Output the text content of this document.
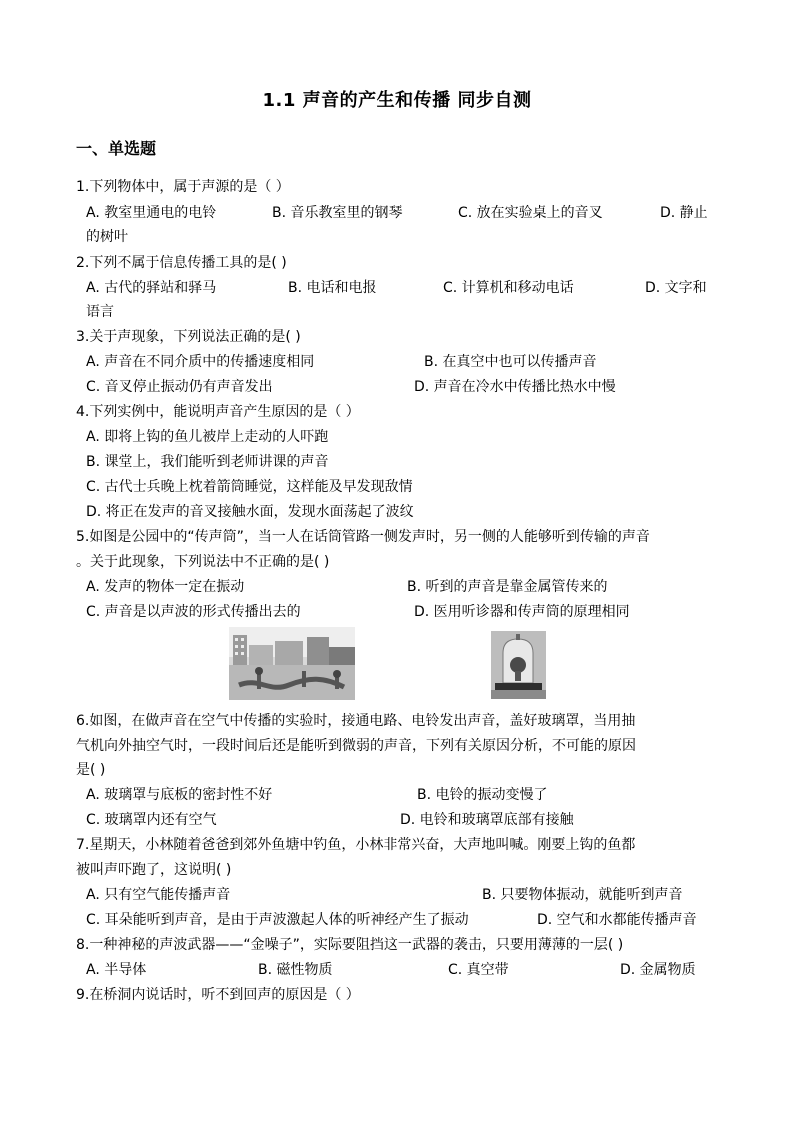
1.1 声音的产生和传播 同步自测
一、单选题
1.下列物体中，属于声源的是（ ）
A. 教室里通电的电铃	B. 音乐教室里的钢琴	C. 放在实验桌上的音叉	D. 静止
的树叶
2.下列不属于信息传播工具的是( )
A. 古代的驿站和驿马	B. 电话和电报	C. 计算机和移动电话	D. 文字和
语言
3.关于声现象，下列说法正确的是( )
A. 声音在不同介质中的传播速度相同	B. 在真空中也可以传播声音
C. 音叉停止振动仍有声音发出	D. 声音在冷水中传播比热水中慢
4.下列实例中，能说明声音产生原因的是（ ）
A. 即将上钩的鱼儿被岸上走动的人吓跑
B. 课堂上，我们能听到老师讲课的声音
C. 古代士兵晚上枕着箭筒睡觉，这样能及早发现敌情
D. 将正在发声的音叉接触水面，发现水面荡起了波纹
5.如图是公园中的“传声筒”，当一人在话筒管路一侧发声时，另一侧的人能够听到传输的声音
。关于此现象，下列说法中不正确的是( )
A. 发声的物体一定在振动	B. 听到的声音是靠金属管传来的
C. 声音是以声波的形式传播出去的	D. 医用听诊器和传声筒的原理相同
6.如图，在做声音在空气中传播的实验时，接通电路、电铃发出声音，盖好玻璃罩，当用抽
气机向外抽空气时，一段时间后还是能听到微弱的声音，下列有关原因分析，不可能的原因
是( )
A. 玻璃罩与底板的密封性不好	B. 电铃的振动变慢了
C. 玻璃罩内还有空气	D. 电铃和玻璃罩底部有接触
7.星期天，小林随着爸爸到郊外鱼塘中钓鱼，小林非常兴奋，大声地叫喊。刚要上钩的鱼都
被叫声吓跑了，这说明( )
A. 只有空气能传播声音	B. 只要物体振动，就能听到声音
C. 耳朵能听到声音，是由于声波激起人体的听神经产生了振动	D. 空气和水都能传播声音
8.一种神秘的声波武器——“金噪子”，实际要阻挡这一武器的袭击，只要用薄薄的一层( )
A. 半导体	B. 磁性物质	C. 真空带	D. 金属物质
9.在桥洞内说话时，听不到回声的原因是（ ）
